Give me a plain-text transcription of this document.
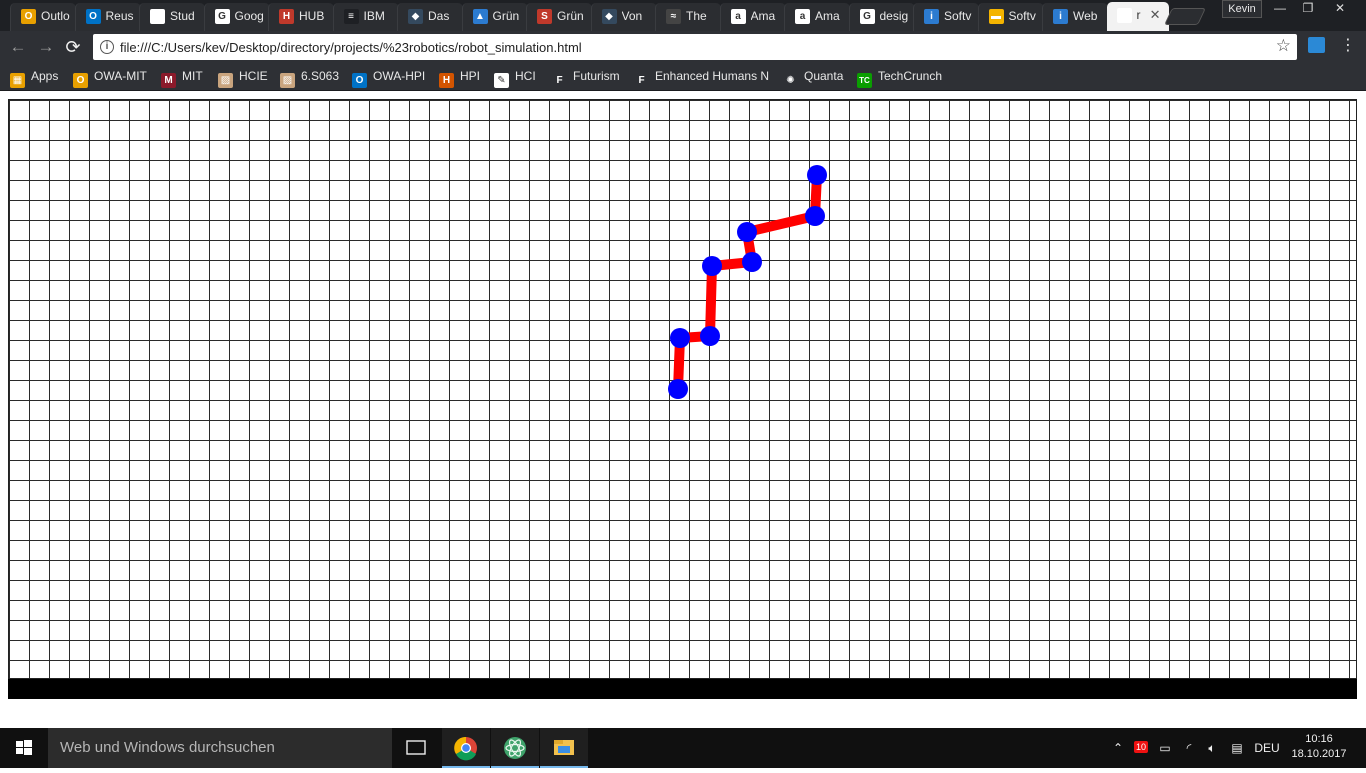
O Outlo	O Reus	Stud	G Goog	H HUB	≡ IBM	◆ Das	▲ Grün	S Grün	◆ Von	≈ The	a Ama	a Ama	G desig	i Softv	▬ Softv	i Web	r ✕	Kevin	—	❐	✕
← → ⟳	i file:///C:/Users/kev/Desktop/directory/projects/%23robotics/robot_simulation.html	☆	⋮
▦ Apps	O OWA-MIT	M MIT ▨ HCIE ▨ 6.S063	O OWA-HPI	H HPI	✎ HCI	F Futurism	F Enhanced Humans N	✺ Quanta TC TechCrunch
Web und Windows durchsuchen	⌃	10	▭	◜	🔈︎	▤ DEU
10:16
18.10.2017
